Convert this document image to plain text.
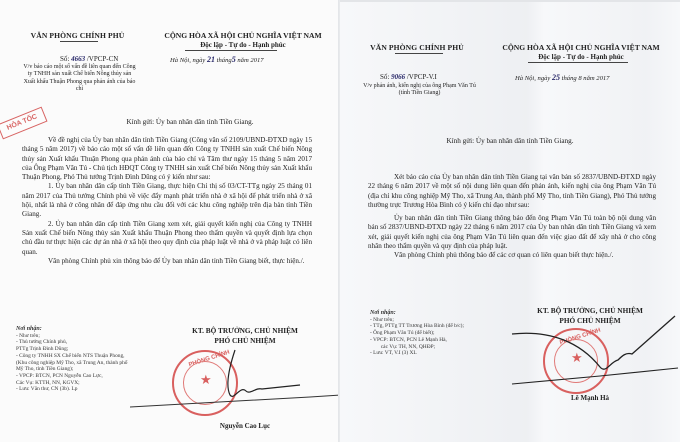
VĂN PHÒNG CHÍNH PHỦ	CỘNG HÒA XÃ HỘI CHỦ NGHĨA VIỆT NAM
Độc lập - Tự do - Hạnh phúc
Số: 4663 /VPCP-CN
V/v báo cáo một số vấn đề liên quan đến Công ty TNHH sản xuất Chế biến Nông thủy sản Xuất khẩu Thuận Phong qua phản ánh của báo chí
Hà Nội, ngày 21 tháng5 năm 2017
HỎA TỐC	Kính gửi: Ủy ban nhân dân tỉnh Tiền Giang.

Về đề nghị của Ủy ban nhân dân tỉnh Tiền Giang (Công văn số 2109/UBND-ĐTXD ngày 15 tháng 5 năm 2017) về báo cáo một số vấn đề liên quan đến Công ty TNHH sản xuất Chế biến Nông thủy sản Xuất khẩu Thuận Phong qua phản ánh của báo chí và Tâm thư ngày 15 tháng 5 năm 2017 của Ông Phạm Văn Tú - Chủ tịch HĐQT Công ty TNHH sản xuất Chế biến Nông thủy sản Xuất khẩu Thuận Phong, Phó Thủ tướng Trịnh Đình Dũng có ý kiến như sau:

1. Ủy ban nhân dân cấp tỉnh Tiền Giang, thực hiện Chỉ thị số 03/CT-TTg ngày 25 tháng 01 năm 2017 của Thủ tướng Chính phủ về việc đẩy mạnh phát triển nhà ở xã hội để phát triển nhà ở xã hội, nhất là nhà ở công nhân để đáp ứng nhu cầu đối với các khu công nghiệp trên địa bàn tỉnh Tiền Giang.

2. Ủy ban nhân dân cấp tỉnh Tiền Giang xem xét, giải quyết kiến nghị của Công ty TNHH Sản xuất Chế biến Nông thủy sản Xuất khẩu Thuận Phong theo thẩm quyền và quyết định lựa chọn chủ đầu tư thực hiện các dự án nhà ở xã hội theo quy định của pháp luật về nhà ở và pháp luật có liên quan.

Văn phòng Chính phủ xin thông báo để Ủy ban nhân dân tỉnh Tiền Giang biết, thực hiện./.

Nơi nhận:
- Như trên;
- Thủ tướng Chính phủ,
PTTg Trịnh Đình Dũng;
- Công ty TNHH SX Chế biến NTS Thuận Phong,
(Khu công nghiệp Mỹ Tho, xã Trung An, thành phố
Mỹ Tho, tỉnh Tiền Giang);
- VPCP: BTCN, PCN Nguyễn Cao Lực,
Các Vụ: KTTH, NN, KGVX;
- Lưu: Văn thư, CN (3b). Lp
KT. BỘ TRƯỞNG, CHỦ NHIỆM
PHÓ CHỦ NHIỆM
★
PHÒNG CHÍNH
Nguyễn Cao Lục
VĂN PHÒNG CHÍNH PHỦ	CỘNG HÒA XÃ HỘI CHỦ NGHĨA VIỆT NAM
Độc lập - Tự do - Hạnh phúc
Số: 9066 /VPCP-V.I
V/v phản ánh, kiến nghị của ông Phạm Văn Tú (tỉnh Tiền Giang)
Hà Nội, ngày 25 tháng 8 năm 2017
Kính gửi: Ủy ban nhân dân tỉnh Tiền Giang.

Xét báo cáo của Ủy ban nhân dân tỉnh Tiền Giang tại văn bản số 2837/UBND-ĐTXD ngày 22 tháng 6 năm 2017 về một số nội dung liên quan đến phản ánh, kiến nghị của ông Phạm Văn Tú (địa chỉ khu công nghiệp Mỹ Tho, xã Trung An, thành phố Mỹ Tho, tỉnh Tiền Giang), Phó Thủ tướng thường trực Trương Hòa Bình có ý kiến chỉ đạo như sau:

Ủy ban nhân dân tỉnh Tiền Giang thông báo đến ông Phạm Văn Tú toàn bộ nội dung văn bản số 2837/UBND-ĐTXD ngày 22 tháng 6 năm 2017 của Ủy ban nhân dân tỉnh Tiền Giang và xem xét, giải quyết kiến nghị của ông Phạm Văn Tú liên quan đến việc giao đất để xây nhà ở cho công nhân theo thẩm quyền và quy định của pháp luật.

Văn phòng Chính phủ thông báo để các cơ quan có liên quan biết thực hiện./.

Nơi nhận:
- Như trên;
- TTg, PTTg TT Trương Hòa Bình (để b/c);
- Ông Phạm Văn Tú (để biết);
- VPCP: BTCN, PCN Lê Mạnh Hà,
các Vụ: TH, NN, QHĐP;
- Lưu: VT, V.I (3) XL
KT. BỘ TRƯỞNG, CHỦ NHIỆM
PHÓ CHỦ NHIỆM
★
PHÒNG CHÍNH
Lê Mạnh Hà
